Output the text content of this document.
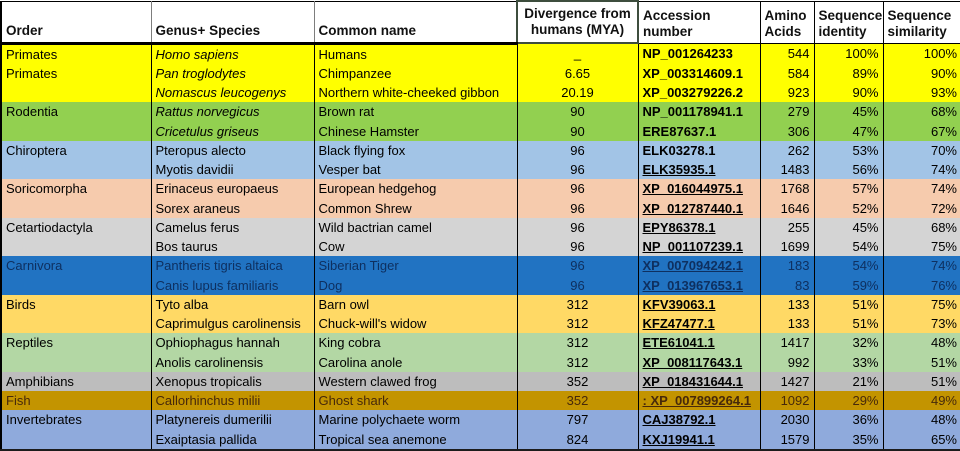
Order	Genus+ Species	Common name	Divergence from humans (MYA)	Accession number	Amino Acids	Sequence identity	Sequence similarity
Primates	Homo sapiens	Humans	_	NP_001264233	544	100%	100%
Primates	Pan troglodytes	Chimpanzee	6.65	XP_003314609.1	584	89%	90%
	Nomascus leucogenys	Northern white-cheeked gibbon	20.19	XP_003279226.2	923	90%	93%
Rodentia	Rattus norvegicus	Brown rat	90	NP_001178941.1	279	45%	68%
	Cricetulus griseus	Chinese Hamster	90	ERE87637.1	306	47%	67%
Chiroptera	Pteropus alecto	Black flying fox	96	ELK03278.1	262	53%	70%
	Myotis davidii	Vesper bat	96	ELK35935.1	1483	56%	74%
Soricomorpha	Erinaceus europaeus	European hedgehog	96	XP_016044975.1	1768	57%	74%
	Sorex araneus	Common Shrew	96	XP_012787440.1	1646	52%	72%
Cetartiodactyla	Camelus ferus	Wild bactrian camel	96	EPY86378.1	255	45%	68%
	Bos taurus	Cow	96	NP_001107239.1	1699	54%	75%
Carnivora	Pantheris tigris altaica	Siberian Tiger	96	XP_007094242.1	183	54%	74%
	Canis lupus familiaris	Dog	96	XP_013967653.1	83	59%	76%
Birds	Tyto alba	Barn owl	312	KFV39063.1	133	51%	75%
	Caprimulgus carolinensis	Chuck-will's widow	312	KFZ47477.1	133	51%	73%
Reptiles	Ophiophagus hannah	King cobra	312	ETE61041.1	1417	32%	48%
	Anolis carolinensis	Carolina anole	312	XP_008117643.1	992	33%	51%
Amphibians	Xenopus tropicalis	Western clawed frog	352	XP_018431644.1	1427	21%	51%
Fish	Callorhinchus milii	Ghost shark	352	: XP_007899264.1	1092	29%	49%
Invertebrates	Platynereis dumerilii	Marine polychaete worm	797	CAJ38792.1	2030	36%	48%
	Exaiptasia pallida	Tropical sea anemone	824	KXJ19941.1	1579	35%	65%
